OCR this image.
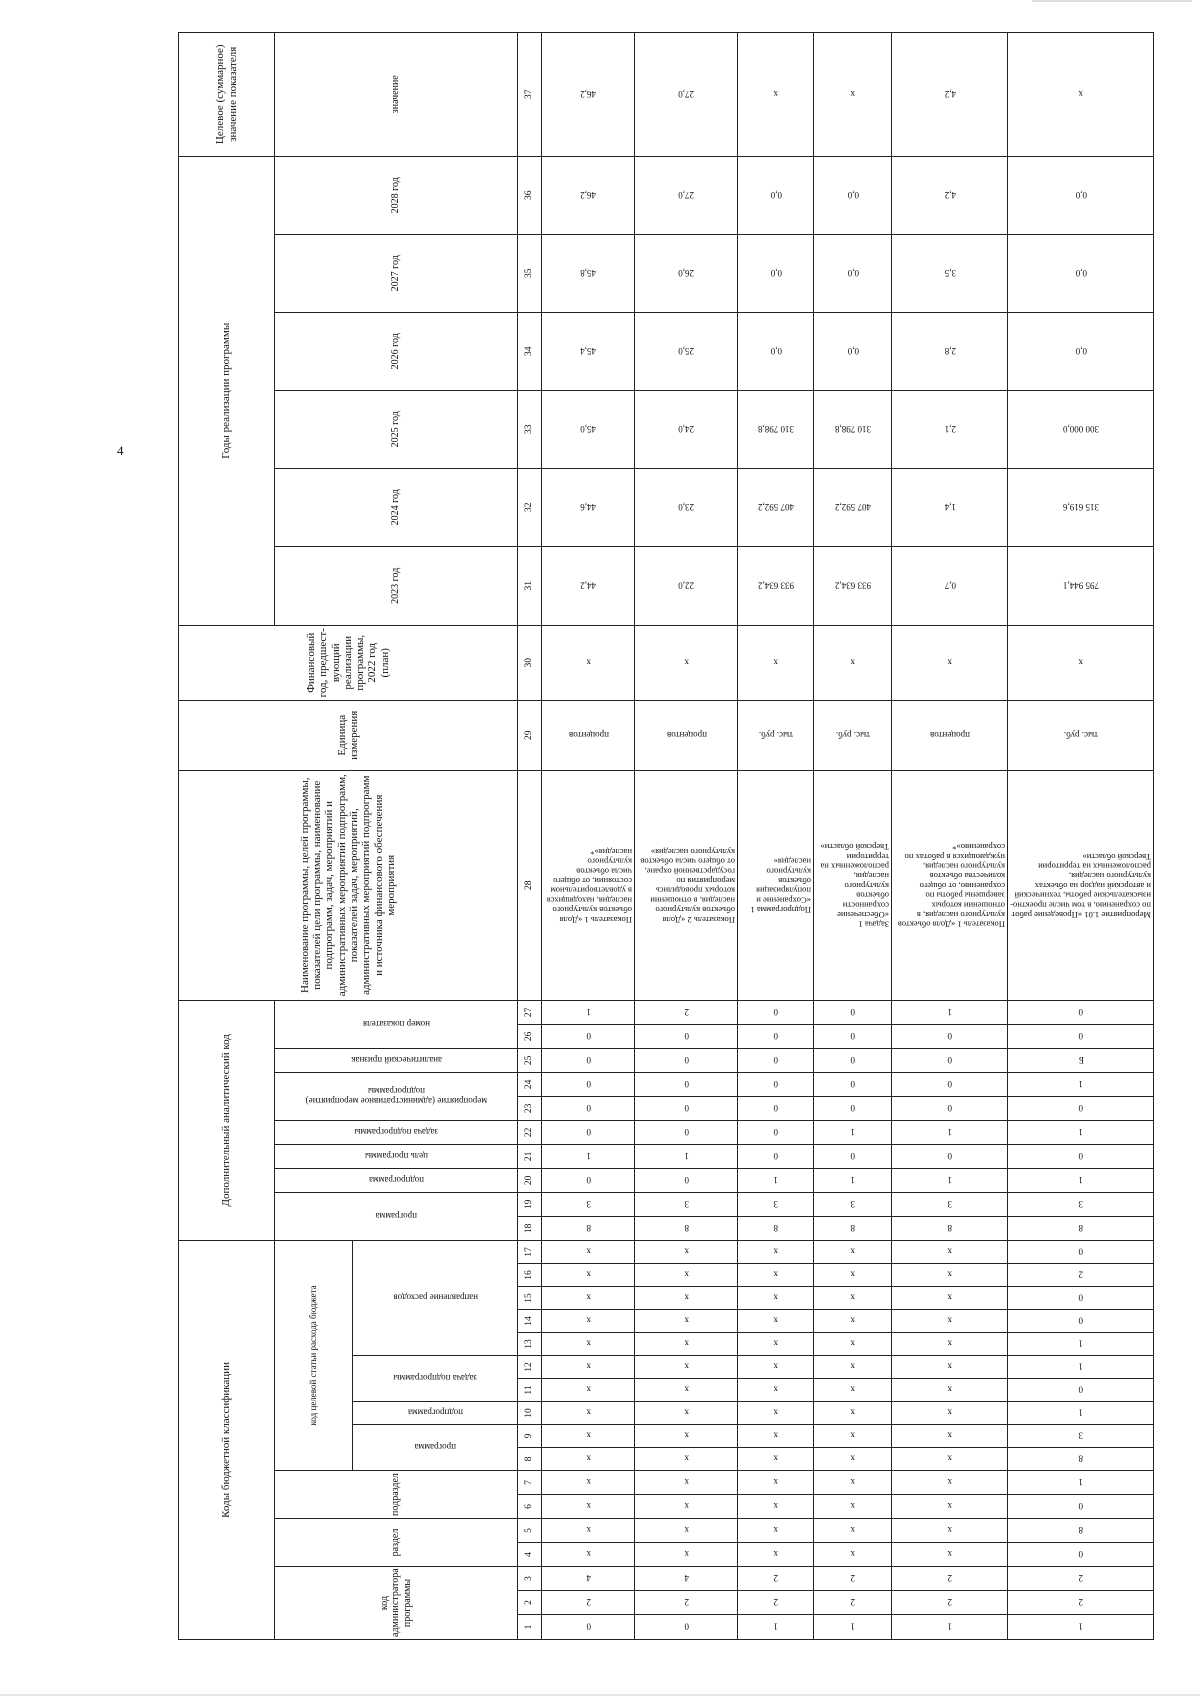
4
Коды бюджетной классификации																	Дополнительный аналитический код										Наименование программы, целей программы, показателей цели программы, наименование подпрограмм, задач, мероприятий и административных мероприятий подпрограмм, показателей задач, мероприятий, административных мероприятий подпрограмм и источника финансового обеспечения мероприятия	Единица измерения	Финансовый год, предшест-вующий реализации программы, 2022 год (план)	Годы реализации программы						Целевое (суммарное) значение показателя
код администратора программы			раздел		подраздел		код целевой статьи расхода бюджета										программа		подпрограмма	цель программы	задача подпрограммы	мероприятие (административное мероприятие) подпрограммы		аналитический признак	номер показателя					2023 год	2024 год	2025 год	2026 год	2027 год	2028 год	значение
							программа		подпрограмма	задача подпрограммы		направление расходов																								
1	2	3	4	5	6	7	8	9	10	11	12	13	14	15	16	17	18	19	20	21	22	23	24	25	26	27	28	29	30	31	32	33	34	35	36	37
0	2	4	х	х	х	х	х	х	х	х	х	х	х	х	х	х	8	3	0	1	0	0	0	0	0	1	Показатель 1 «Доля объектов культурного наследия, находящихся в удовлетворительном состоянии, от общего числа объектов культурного наследия»*	процентов	х	44,2	44,6	45,0	45,4	45,8	46,2	46,2
0	2	4	х	х	х	х	х	х	х	х	х	х	х	х	х	х	8	3	0	1	0	0	0	0	0	2	Показатель 2 «Доля объектов культурного наследия, в отношении которых проводились мероприятия по государственной охране, от общего числа объектов культурного наследия»	процентов	х	22,0	23,0	24,0	25,0	26,0	27,0	27,0
1	2	2	х	х	х	х	х	х	х	х	х	х	х	х	х	х	8	3	1	0	0	0	0	0	0	0	Подпрограмма 1 «Сохранение и популяризация объектов культурного наследия»	тыс. руб.	х	933 634,2	407 592,2	310 798,8	0,0	0,0	0,0	х
1	2	2	х	х	х	х	х	х	х	х	х	х	х	х	х	х	8	3	1	0	1	0	0	0	0	0	Задача 1 «Обеспечение сохранности объектов культурного наследия, расположенных на территории Тверской области»	тыс. руб.	х	933 634,2	407 592,2	310 798,8	0,0	0,0	0,0	х
1	2	2	х	х	х	х	х	х	х	х	х	х	х	х	х	х	8	3	1	0	1	0	0	0	0	1	Показатель 1 «Доля объектов культурного наследия, в отношении которых завершены работы по сохранению, от общего количества объектов культурного наследия, нуждающихся в работах по сохранению»*	процентов	х	0,7	1,4	2,1	2,8	3,5	4,2	4,2
1	2	2	0	8	0	1	8	3	1	0	1	1	0	0	2	0	8	3	1	0	1	0	1	Б	0	0	Мероприятие 1.01 «Проведение работ по сохранению, в том числе проектно-изыскательские работы, технический и авторский надзор на объектах культурного наследия, расположенных на территории Тверской области»	тыс. руб.	х	795 944,1	315 619,6	300 000,0	0,0	0,0	0,0	х
